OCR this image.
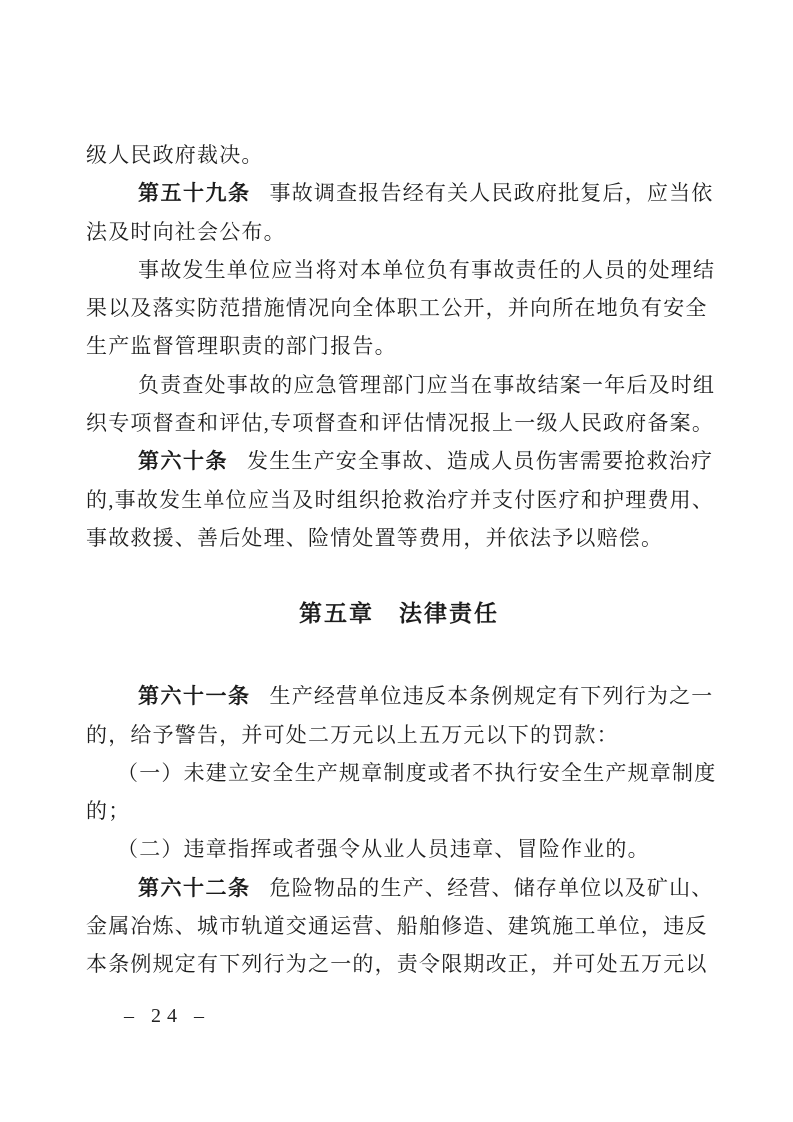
级人民政府裁决。
第五十九条 事故调查报告经有关人民政府批复后，应当依
法及时向社会公布。
事故发生单位应当将对本单位负有事故责任的人员的处理结
果以及落实防范措施情况向全体职工公开，并向所在地负有安全
生产监督管理职责的部门报告。
负责查处事故的应急管理部门应当在事故结案一年后及时组
织专项督查和评估,专项督查和评估情况报上一级人民政府备案。
第六十条 发生生产安全事故、造成人员伤害需要抢救治疗
的,事故发生单位应当及时组织抢救治疗并支付医疗和护理费用、
事故救援、善后处理、险情处置等费用，并依法予以赔偿。
第五章　法律责任
第六十一条 生产经营单位违反本条例规定有下列行为之一
的，给予警告，并可处二万元以上五万元以下的罚款：
（一）未建立安全生产规章制度或者不执行安全生产规章制度
的；
（二）违章指挥或者强令从业人员违章、冒险作业的。
第六十二条 危险物品的生产、经营、储存单位以及矿山、
金属冶炼、城市轨道交通运营、船舶修造、建筑施工单位，违反
本条例规定有下列行为之一的，责令限期改正，并可处五万元以
– 24 –
